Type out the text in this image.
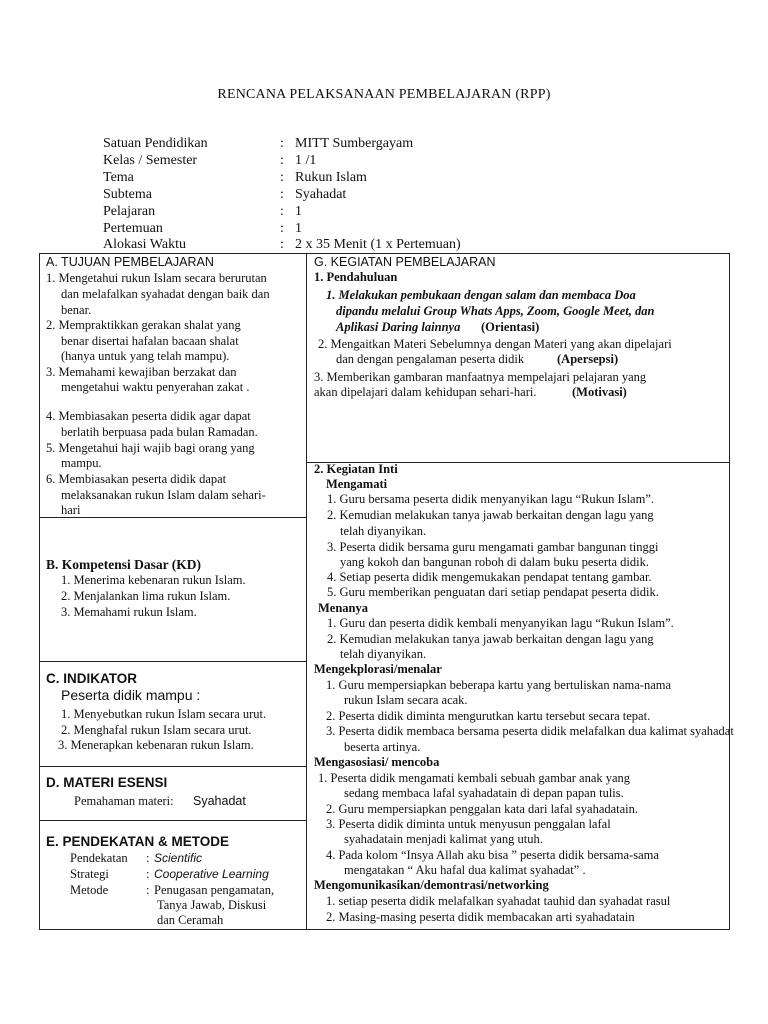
RENCANA PELAKSANAAN PEMBELAJARAN (RPP)
Satuan Pendidikan	: MITT Sumbergayam
Kelas / Semester	: 1 /1
Tema	: Rukun Islam
Subtema	: Syahadat
Pelajaran	: 1
Pertemuan	: 1
Alokasi Waktu	: 2 x 35 Menit (1 x Pertemuan)
A. TUJUAN PEMBELAJARAN
1. Mengetahui rukun Islam secara berurutan
dan melafalkan syahadat dengan baik dan
benar.
2. Mempraktikkan gerakan shalat yang
benar disertai hafalan bacaan shalat
(hanya untuk yang telah mampu).
3. Memahami kewajiban berzakat dan
mengetahui waktu penyerahan zakat .
4. Membiasakan peserta didik agar dapat
berlatih berpuasa pada bulan Ramadan.
5. Mengetahui haji wajib bagi orang yang
mampu.
6. Membiasakan peserta didik dapat
melaksanakan rukun Islam dalam sehari-
hari
B. Kompetensi Dasar (KD)
1. Menerima kebenaran rukun Islam.
2. Menjalankan lima rukun Islam.
3. Memahami rukun Islam.
C. INDIKATOR
Peserta didik mampu :
1. Menyebutkan rukun Islam secara urut.
2. Menghafal rukun Islam secara urut.
3. Menerapkan kebenaran rukun Islam.
D. MATERI ESENSI
Pemahaman materi: Syahadat
E. PENDEKATAN & METODE
Pendekatan : Scientific
Strategi	: Cooperative Learning
Metode	: Penugasan pengamatan,
Tanya Jawab, Diskusi
dan Ceramah
G. KEGIATAN PEMBELAJARAN
1. Pendahuluan
1. Melakukan pembukaan dengan salam dan membaca Doa
dipandu melalui Group Whats Apps, Zoom, Google Meet, dan
Aplikasi Daring lainnya (Orientasi)
2. Mengaitkan Materi Sebelumnya dengan Materi yang akan dipelajari
dan dengan pengalaman peserta didik	(Apersepsi)
3. Memberikan gambaran manfaatnya mempelajari pelajaran yang
akan dipelajari dalam kehidupan sehari-hari.	(Motivasi)
2. Kegiatan Inti
Mengamati
1. Guru bersama peserta didik menyanyikan lagu “Rukun Islam”.
2. Kemudian melakukan tanya jawab berkaitan dengan lagu yang
telah diyanyikan.
3. Peserta didik bersama guru mengamati gambar bangunan tinggi
yang kokoh dan bangunan roboh di dalam buku peserta didik.
4. Setiap peserta didik mengemukakan pendapat tentang gambar.
5. Guru memberikan penguatan dari setiap pendapat peserta didik.
Menanya
1. Guru dan peserta didik kembali menyanyikan lagu “Rukun Islam”.
2. Kemudian melakukan tanya jawab berkaitan dengan lagu yang
telah diyanyikan.
Mengekplorasi/menalar
1. Guru mempersiapkan beberapa kartu yang bertuliskan nama-nama
rukun Islam secara acak.
2. Peserta didik diminta mengurutkan kartu tersebut secara tepat.
3. Peserta didik membaca bersama peserta didik melafalkan dua kalimat syahadat
beserta artinya.
Mengasosiasi/ mencoba
1. Peserta didik mengamati kembali sebuah gambar anak yang
sedang membaca lafal syahadatain di depan papan tulis.
2. Guru mempersiapkan penggalan kata dari lafal syahadatain.
3. Peserta didik diminta untuk menyusun penggalan lafal
syahadatain menjadi kalimat yang utuh.
4. Pada kolom “Insya Allah aku bisa ” peserta didik bersama-sama
mengatakan “ Aku hafal dua kalimat syahadat” .
Mengomunikasikan/demontrasi/networking
1. setiap peserta didik melafalkan syahadat tauhid dan syahadat rasul
2. Masing-masing peserta didik membacakan arti syahadatain
